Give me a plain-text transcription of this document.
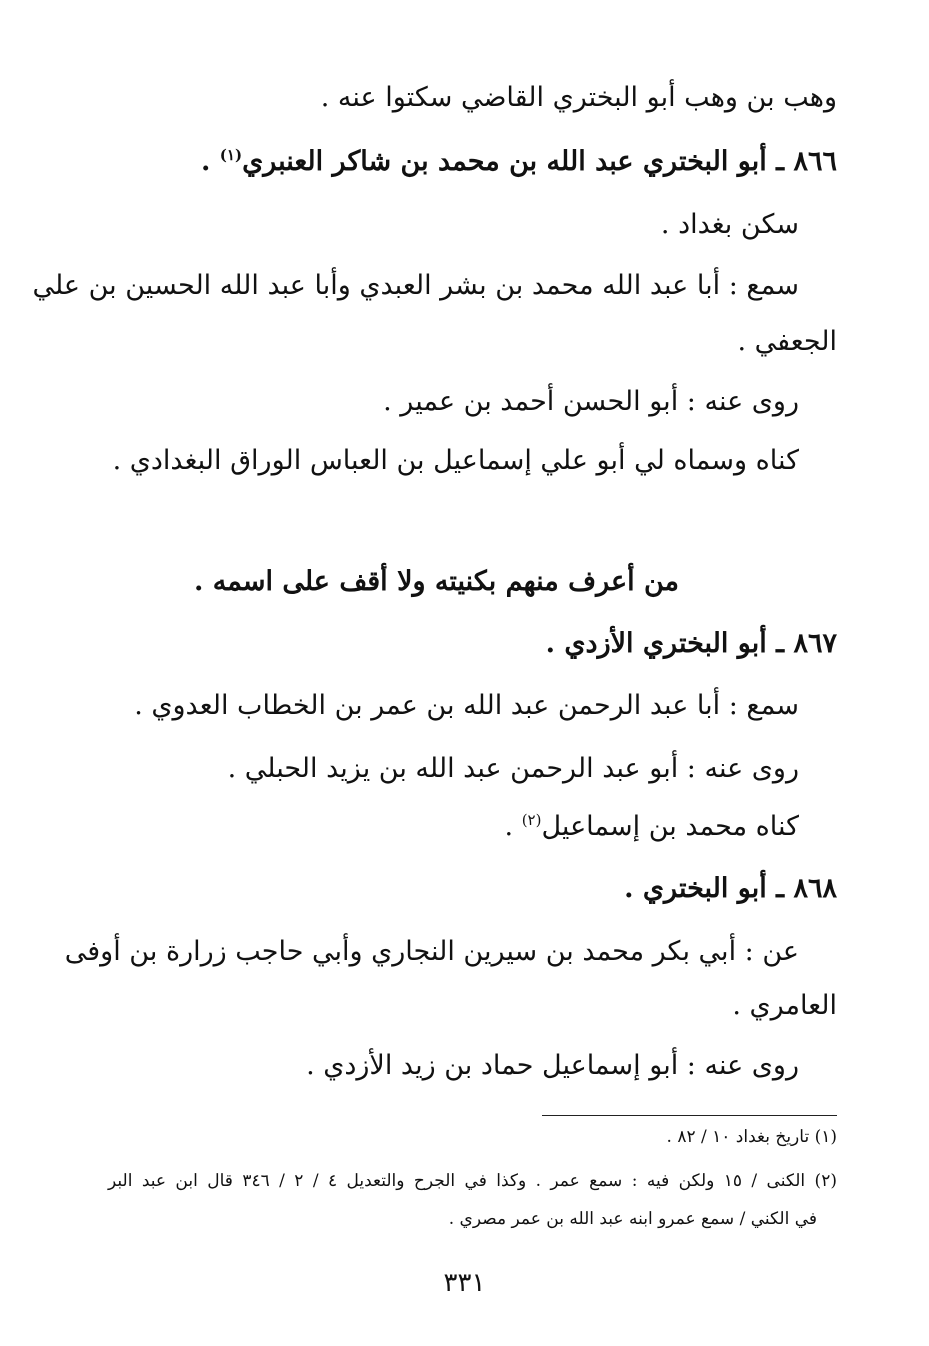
وهب بن وهب أبو البختري القاضي سكتوا عنه .
٨٦٦ ـ أبو البختري عبد الله بن محمد بن شاكر العنبري$^{(١)}$ .
سكن بغداد .
سمع : أبا عبد الله محمد بن بشر العبدي وأبا عبد الله الحسين بن علي
الجعفي .
روى عنه : أبو الحسن أحمد بن عمير .
كناه وسماه لي أبو علي إسماعيل بن العباس الوراق البغدادي .
من أعرف منهم بكنيته ولا أقف على اسمه .
٨٦٧ ـ أبو البختري الأزدي .
سمع : أبا عبد الرحمن عبد الله بن عمر بن الخطاب العدوي .
روى عنه : أبو عبد الرحمن عبد الله بن يزيد الحبلي .
كناه محمد بن إسماعيل$^{(٢)}$ .
٨٦٨ ـ أبو البختري .
عن : أبي بكر محمد بن سيرين النجاري وأبي حاجب زرارة بن أوفى
العامري .
روى عنه : أبو إسماعيل حماد بن زيد الأزدي .
(١) تاريخ بغداد ١٠ / ٨٢ .
(٢) الكنى / ١٥ ولكن فيه : سمع عمر . وكذا في الجرح والتعديل ٤ / ٢ / ٣٤٦ قال ابن عبد البر
في الكني / سمع عمرو ابنه عبد الله بن عمر مصري .
٣٣١
